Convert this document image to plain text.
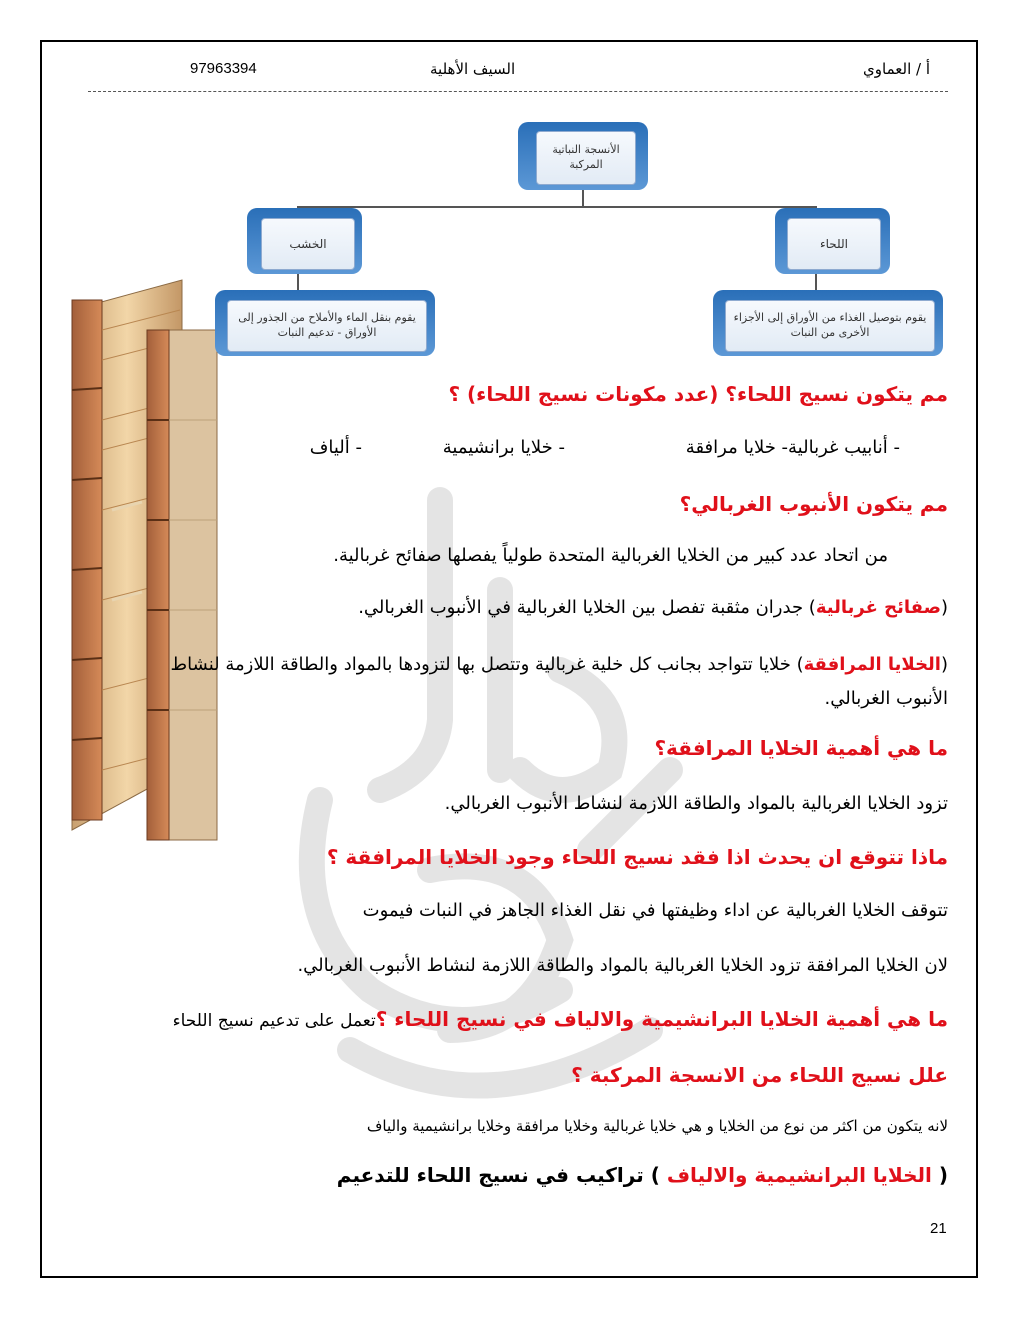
أ / العماوي
السيف الأهلية
97963394
الأنسجة النباتية المركبة
الخشب	اللحاء
يقوم بنقل الماء والأملاح من الجذور إلى الأوراق - تدعيم النبات
يقوم بتوصيل الغذاء من الأوراق إلى الأجزاء الأخرى من النبات
مم يتكون نسيج اللحاء؟ (عدد مكونات نسيج اللحاء) ؟
- أنابيب غربالية- خلايا مرافقة
- خلايا برانشيمية
- ألياف
مم يتكون الأنبوب الغربالي؟
من اتحاد عدد كبير من الخلايا الغربالية المتحدة طولياً يفصلها صفائح غربالية.
(صفائح غربالية) جدران مثقبة تفصل بين الخلايا الغربالية في الأنبوب الغربالي.
(الخلايا المرافقة) خلايا تتواجد بجانب كل خلية غربالية وتتصل بها لتزودها بالمواد والطاقة اللازمة لنشاط الأنبوب الغربالي.
ما هي أهمية الخلايا المرافقة؟
تزود الخلايا الغربالية بالمواد والطاقة اللازمة لنشاط الأنبوب الغربالي.
ماذا تتوقع ان يحدث اذا فقد نسيج اللحاء وجود الخلايا المرافقة ؟
تتوقف الخلايا الغربالية عن اداء وظيفتها في نقل الغذاء الجاهز في النبات فيموت
لان الخلايا المرافقة تزود الخلايا الغربالية بالمواد والطاقة اللازمة لنشاط الأنبوب الغربالي.
ما هي أهمية الخلايا البرانشيمية والالياف في نسيج اللحاء ؟تعمل على تدعيم نسيج اللحاء
علل نسيج اللحاء من الانسجة المركبة ؟
لانه يتكون من اكثر من نوع من الخلايا و هي خلايا غربالية وخلايا مرافقة وخلايا برانشيمية والياف
( الخلايا البرانشيمية والالياف ) تراكيب في نسيج اللحاء للتدعيم
21
